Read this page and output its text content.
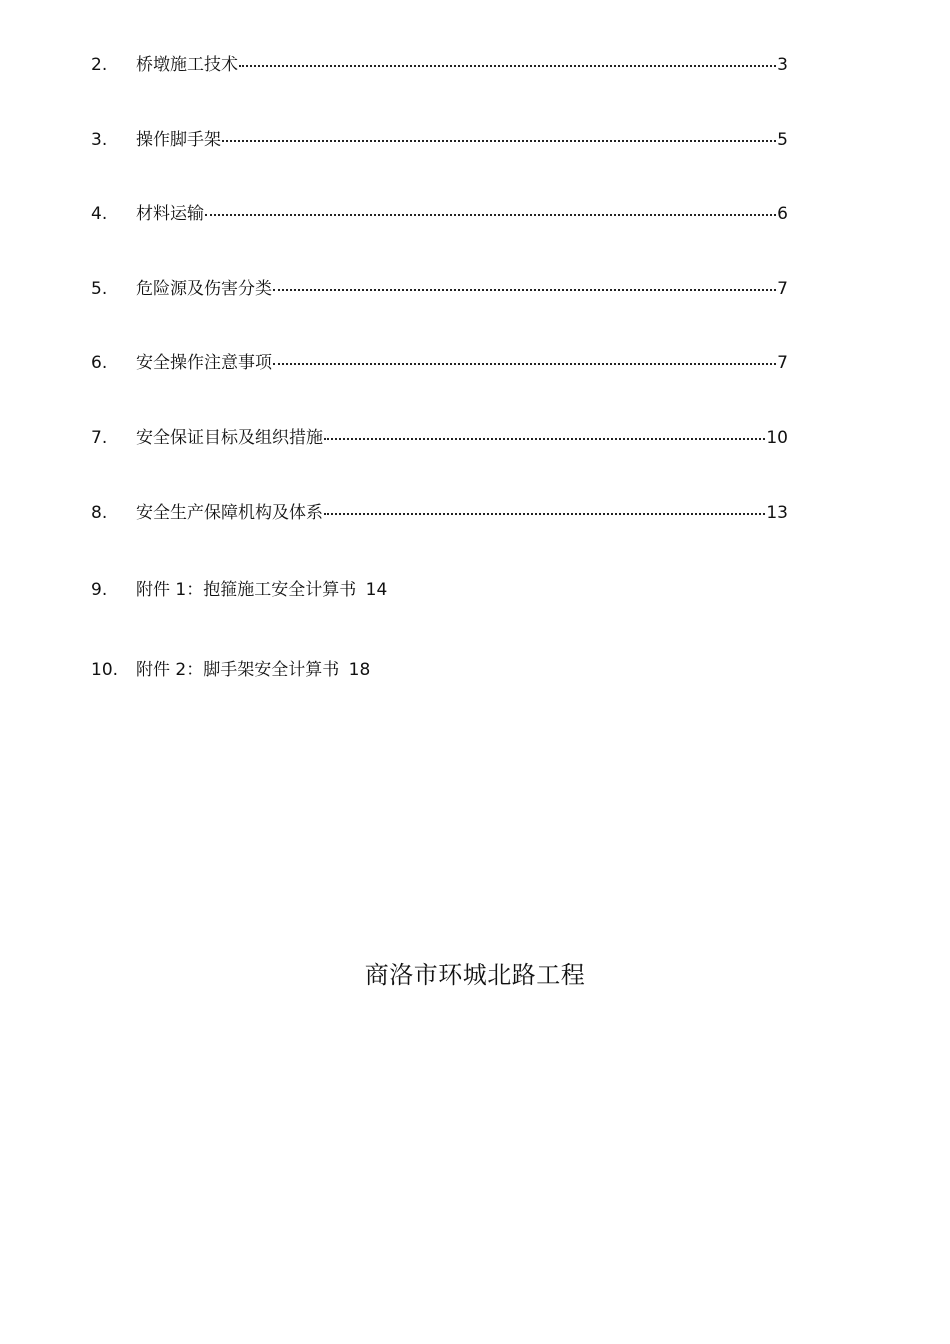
2. 桥墩施工技术	3
3. 操作脚手架	5
4. 材料运输	6
5. 危险源及伤害分类	7
6. 安全操作注意事项	7
7. 安全保证目标及组织措施	10
8. 安全生产保障机构及体系	13
9. 附件 1：抱箍施工安全计算书 14
10. 附件 2：脚手架安全计算书 18
商洛市环城北路工程
